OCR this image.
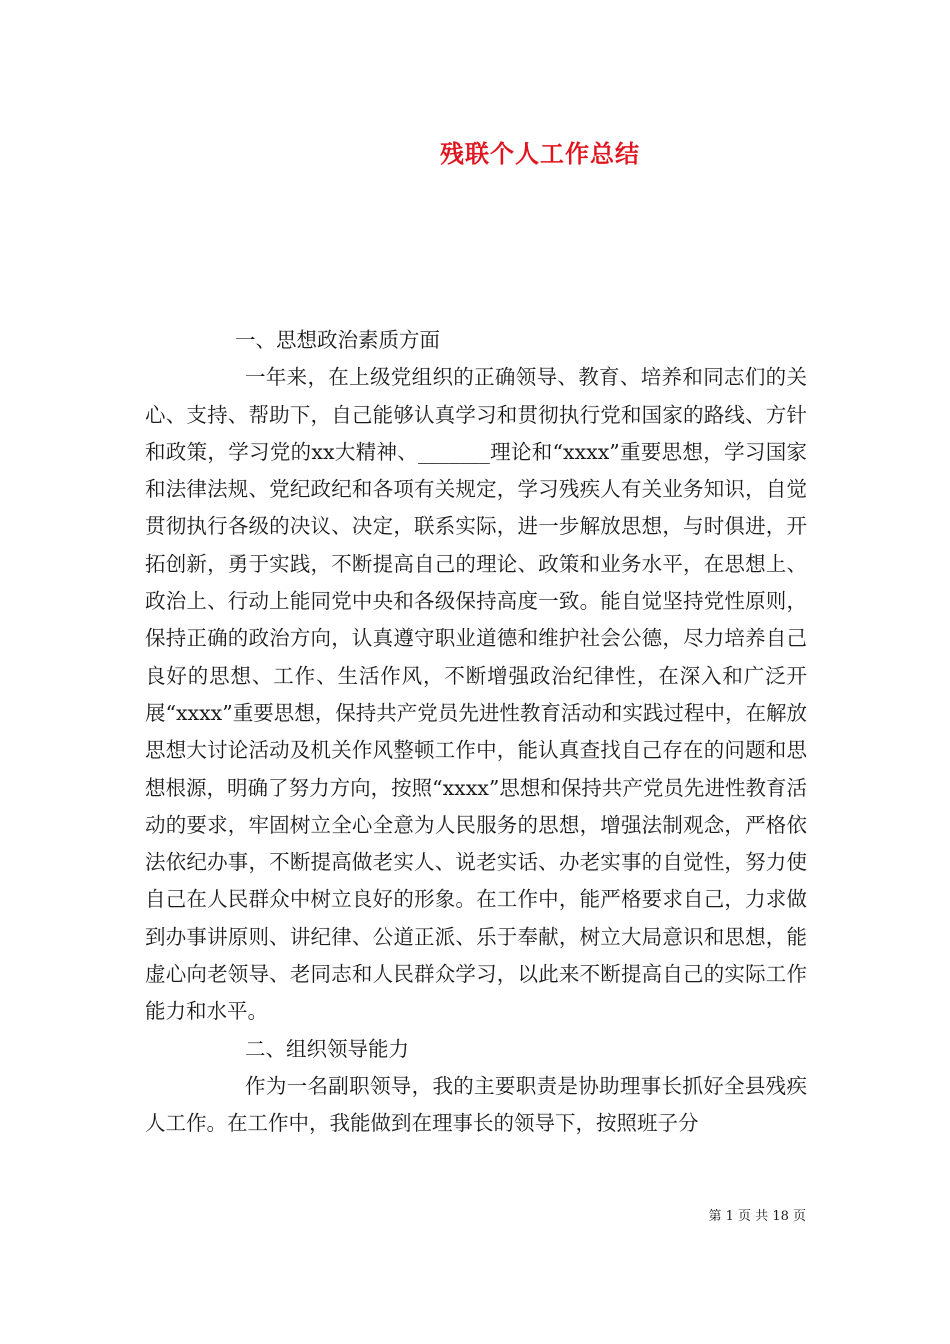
残联个人工作总结

一、思想政治素质方面

一年来，在上级党组织的正确领导、教育、培养和同志们的关心、支持、帮助下，自己能够认真学习和贯彻执行党和国家的路线、方针和政策，学习党的xx大精神、_______理论和“xxxx”重要思想，学习国家和法律法规、党纪政纪和各项有关规定，学习残疾人有关业务知识，自觉贯彻执行各级的决议、决定，联系实际，进一步解放思想，与时俱进，开拓创新，勇于实践，不断提高自己的理论、政策和业务水平，在思想上、政治上、行动上能同党中央和各级保持高度一致。能自觉坚持党性原则，保持正确的政治方向，认真遵守职业道德和维护社会公德，尽力培养自己良好的思想、工作、生活作风，不断增强政治纪律性，在深入和广泛开展“xxxx”重要思想，保持共产党员先进性教育活动和实践过程中，在解放思想大讨论活动及机关作风整顿工作中，能认真查找自己存在的问题和思想根源，明确了努力方向，按照“xxxx”思想和保持共产党员先进性教育活动的要求，牢固树立全心全意为人民服务的思想，增强法制观念，严格依法依纪办事，不断提高做老实人、说老实话、办老实事的自觉性，努力使自己在人民群众中树立良好的形象。在工作中，能严格要求自己，力求做到办事讲原则、讲纪律、公道正派、乐于奉献，树立大局意识和思想，能虚心向老领导、老同志和人民群众学习，以此来不断提高自己的实际工作能力和水平。

二、组织领导能力

作为一名副职领导，我的主要职责是协助理事长抓好全县残疾人工作。在工作中，我能做到在理事长的领导下，按照班子分

第 1 页 共 18 页
